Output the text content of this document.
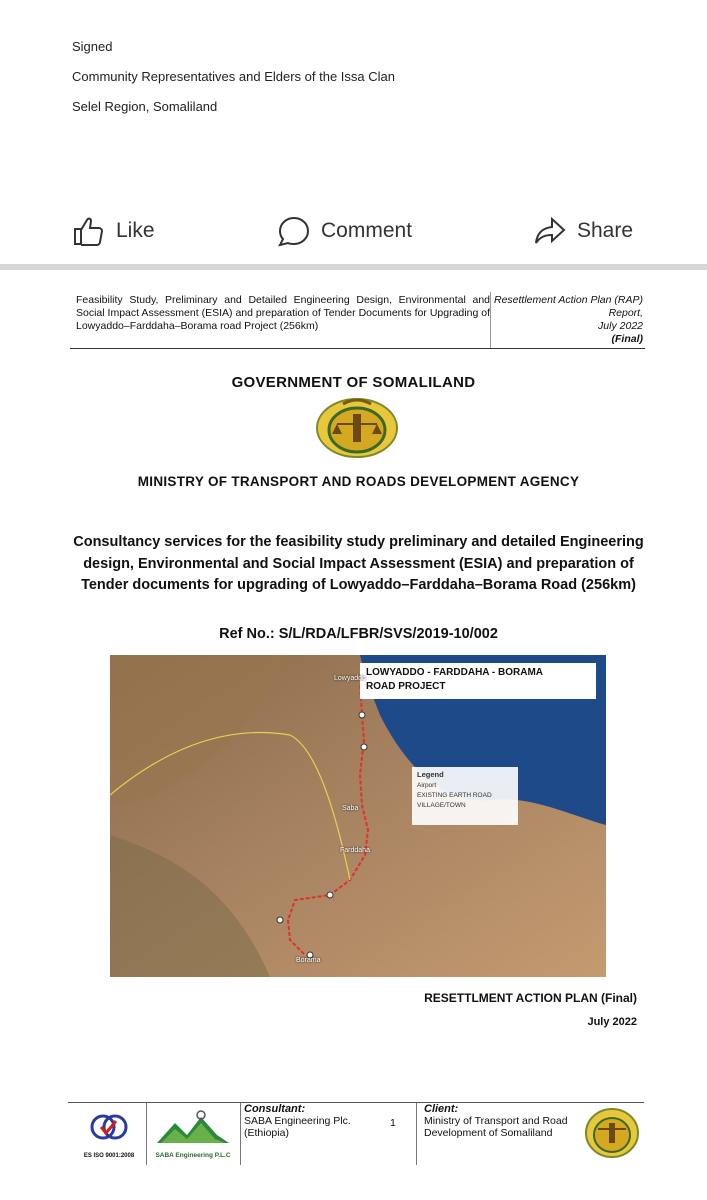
Signed
Community Representatives and Elders of the Issa Clan
Selel Region, Somaliland
Like	Comment	Share
Feasibility Study, Preliminary and Detailed Engineering Design, Environmental and Social Impact Assessment (ESIA) and preparation of Tender Documents for Upgrading of Lowyaddo–Farddaha–Borama road Project (256km)
Resettlement Action Plan (RAP) Report,
July 2022
(Final)
GOVERNMENT OF SOMALILAND
MINISTRY OF TRANSPORT AND ROADS DEVELOPMENT AGENCY
Consultancy services for the feasibility study preliminary and detailed Engineering design, Environmental and Social Impact Assessment (ESIA) and preparation of Tender documents for upgrading of Lowyaddo–Farddaha–Borama Road (256km)
Ref No.: S/L/RDA/LFBR/SVS/2019-10/002
LOWYADDO - FARDDAHA - BORAMA
ROAD PROJECT
Legend
Airport
EXISTING EARTH ROAD
VILLAGE/TOWN
Saba
Farddaha
Borama
Lowyaddo
RESETTLMENT ACTION PLAN (Final)
July 2022
ES ISO 9001:2008	SABA Engineering P.L.C
Consultant:
SABA Engineering Plc.
(Ethiopia)
1
Client:
Ministry of Transport and Road
Development of Somaliland
